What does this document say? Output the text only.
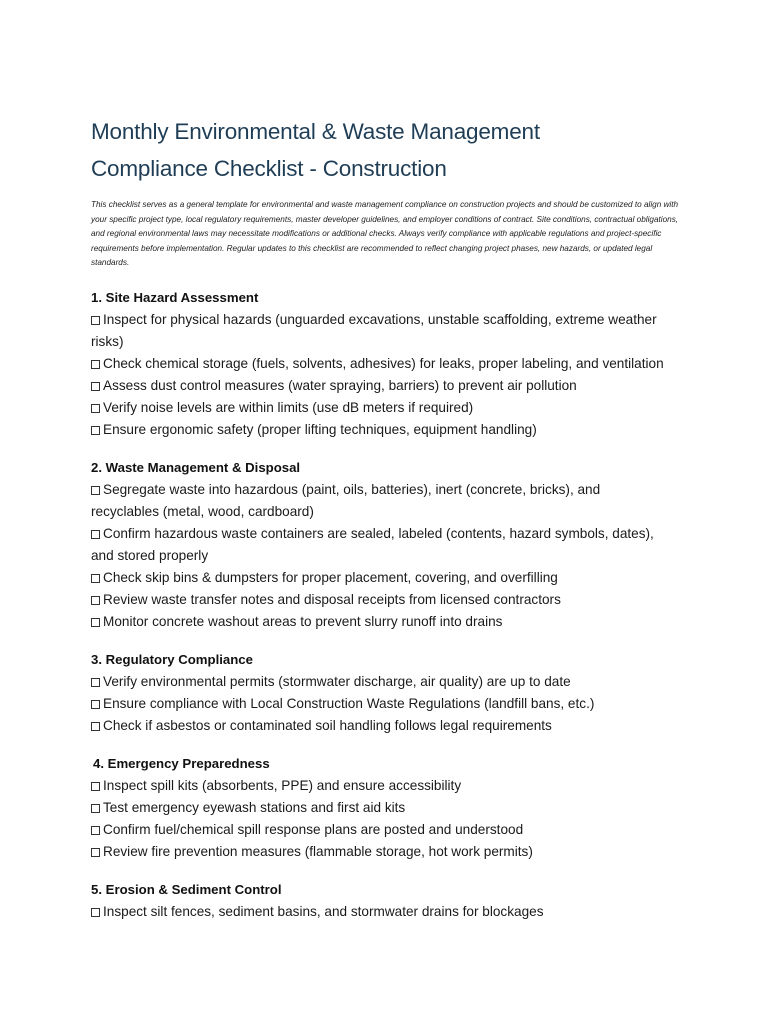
Monthly Environmental & Waste Management
Compliance Checklist - Construction
This checklist serves as a general template for environmental and waste management compliance on construction projects and should be customized to align with your specific project type, local regulatory requirements, master developer guidelines, and employer conditions of contract. Site conditions, contractual obligations, and regional environmental laws may necessitate modifications or additional checks. Always verify compliance with applicable regulations and project-specific requirements before implementation. Regular updates to this checklist are recommended to reflect changing project phases, new hazards, or updated legal standards.
1. Site Hazard Assessment
Inspect for physical hazards (unguarded excavations, unstable scaffolding, extreme weather risks)
Check chemical storage (fuels, solvents, adhesives) for leaks, proper labeling, and ventilation
Assess dust control measures (water spraying, barriers) to prevent air pollution
Verify noise levels are within limits (use dB meters if required)
Ensure ergonomic safety (proper lifting techniques, equipment handling)
2. Waste Management & Disposal
Segregate waste into hazardous (paint, oils, batteries), inert (concrete, bricks), and recyclables (metal, wood, cardboard)
Confirm hazardous waste containers are sealed, labeled (contents, hazard symbols, dates), and stored properly
Check skip bins & dumpsters for proper placement, covering, and overfilling
Review waste transfer notes and disposal receipts from licensed contractors
Monitor concrete washout areas to prevent slurry runoff into drains
3. Regulatory Compliance
Verify environmental permits (stormwater discharge, air quality) are up to date
Ensure compliance with Local Construction Waste Regulations (landfill bans, etc.)
Check if asbestos or contaminated soil handling follows legal requirements
4. Emergency Preparedness
Inspect spill kits (absorbents, PPE) and ensure accessibility
Test emergency eyewash stations and first aid kits
Confirm fuel/chemical spill response plans are posted and understood
Review fire prevention measures (flammable storage, hot work permits)
5. Erosion & Sediment Control
Inspect silt fences, sediment basins, and stormwater drains for blockages
